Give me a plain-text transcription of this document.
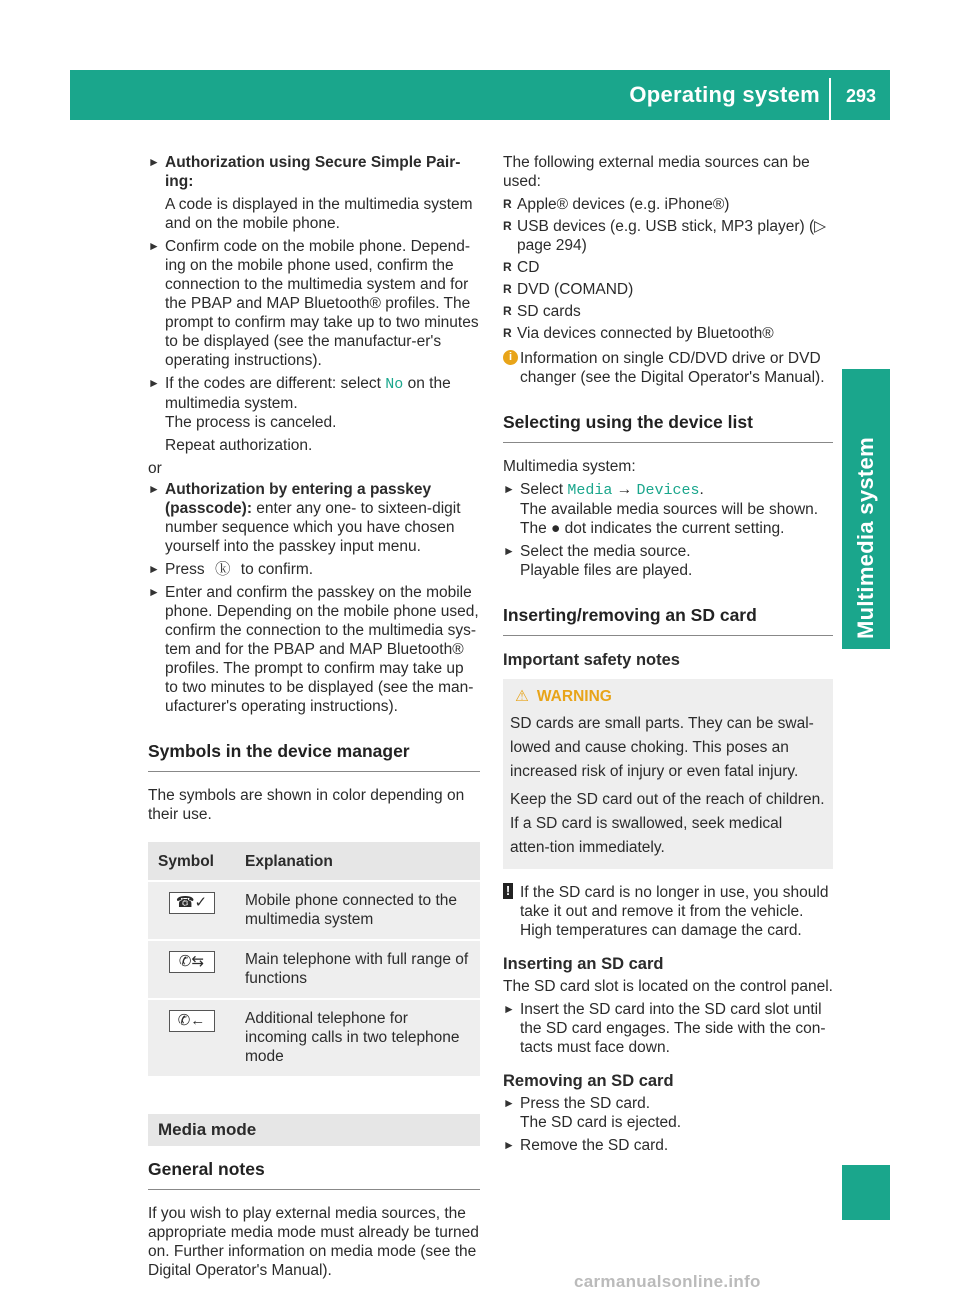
Operating system	293
Multimedia system
► Authorization using Secure Simple Pair-ing:

A code is displayed in the multimedia system and on the mobile phone.

► Confirm code on the mobile phone. Depend-ing on the mobile phone used, confirm the connection to the multimedia system and for the PBAP and MAP Bluetooth® profiles. The prompt to confirm may take up to two minutes to be displayed (see the manufactur-er's operating instructions).

► If the codes are different: select No on the multimedia system.

The process is canceled.

Repeat authorization.

or

► Authorization by entering a passkey (passcode): enter any one- to sixteen-digit number sequence which you have chosen yourself into the passkey input menu.

► Press ⓚ to confirm.

► Enter and confirm the passkey on the mobile phone. Depending on the mobile phone used, confirm the connection to the multimedia sys-tem and for the PBAP and MAP Bluetooth® profiles. The prompt to confirm may take up to two minutes to be displayed (see the man-ufacturer's operating instructions).

Symbols in the device manager

The symbols are shown in color depending on their use.

Symbol	Explanation
☎✓	Mobile phone connected to the multimedia system
✆⇆	Main telephone with full range of functions
✆←	Additional telephone for incoming calls in two telephone mode
Media mode
General notes

If you wish to play external media sources, the appropriate media mode must already be turned on. Further information on media mode (see the Digital Operator's Manual).

The following external media sources can be used:

R Apple® devices (e.g. iPhone®)
R USB devices (e.g. USB stick, MP3 player) (▷ page 294)
R CD
R DVD (COMAND)
R SD cards
R Via devices connected by Bluetooth®
i Information on single CD/DVD drive or DVD changer (see the Digital Operator's Manual).

Selecting using the device list

Multimedia system:

► Select Media → Devices.

The available media sources will be shown.

The ● dot indicates the current setting.

► Select the media source.

Playable files are played.

Inserting/removing an SD card
Important safety notes
⚠ WARNING

SD cards are small parts. They can be swal-lowed and cause choking. This poses an increased risk of injury or even fatal injury.

Keep the SD card out of the reach of children. If a SD card is swallowed, seek medical atten-tion immediately.

! If the SD card is no longer in use, you should take it out and remove it from the vehicle. High temperatures can damage the card.

Inserting an SD card

The SD card slot is located on the control panel.

► Insert the SD card into the SD card slot until the SD card engages. The side with the con-tacts must face down.

Removing an SD card
► Press the SD card.

The SD card is ejected.

► Remove the SD card.

carmanualsonline.info
